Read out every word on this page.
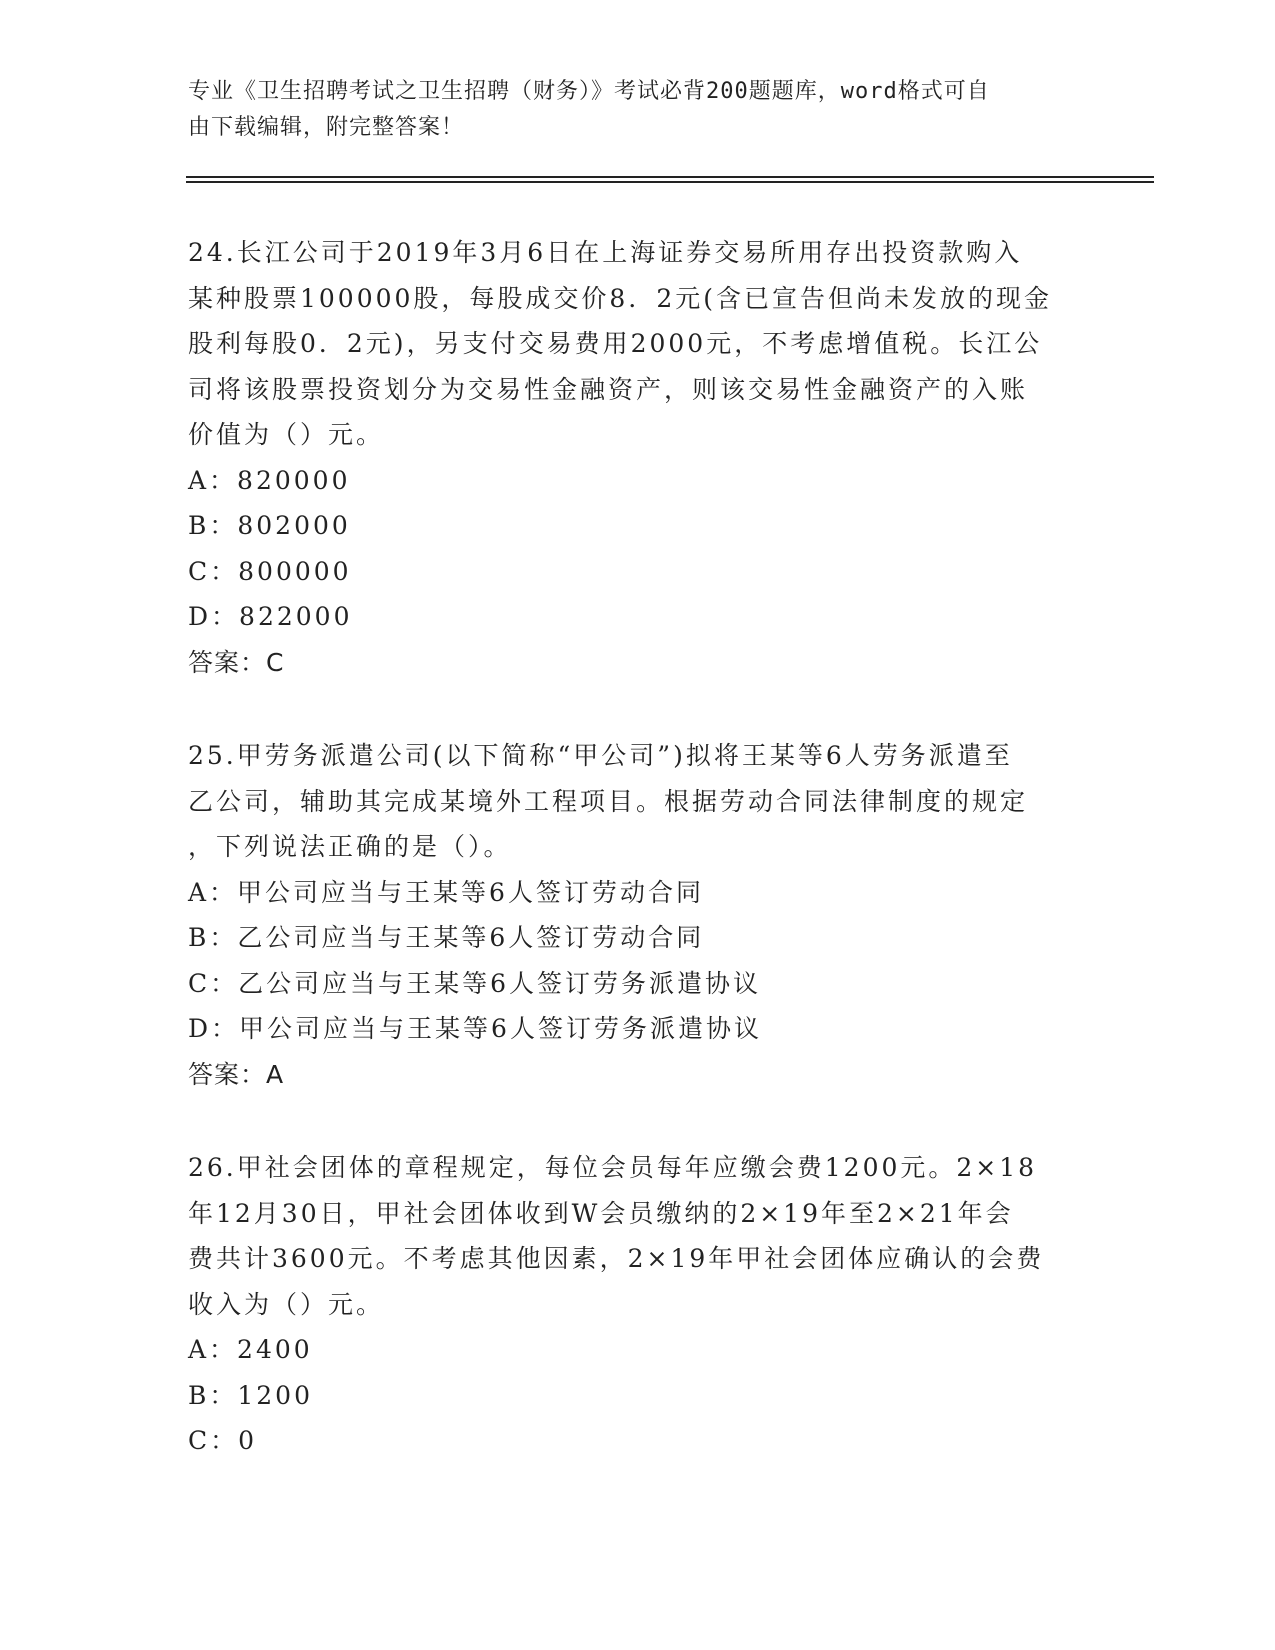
专业《卫生招聘考试之卫生招聘（财务）》考试必背200题题库，word格式可自
由下载编辑，附完整答案！

24.长江公司于2019年3月6日在上海证券交易所用存出投资款购入

某种股票100000股，每股成交价8．2元(含已宣告但尚未发放的现金

股利每股0．2元)，另支付交易费用2000元，不考虑增值税。长江公

司将该股票投资划分为交易性金融资产，则该交易性金融资产的入账

价值为（）元。

A：820000

B：802000

C：800000

D：822000

答案：C

25.甲劳务派遣公司(以下简称“甲公司”)拟将王某等6人劳务派遣至

乙公司，辅助其完成某境外工程项目。根据劳动合同法律制度的规定

，下列说法正确的是（）。

A：甲公司应当与王某等6人签订劳动合同

B：乙公司应当与王某等6人签订劳动合同

C：乙公司应当与王某等6人签订劳务派遣协议

D：甲公司应当与王某等6人签订劳务派遣协议

答案：A

26.甲社会团体的章程规定，每位会员每年应缴会费1200元。2×18

年12月30日，甲社会团体收到W会员缴纳的2×19年至2×21年会

费共计3600元。不考虑其他因素，2×19年甲社会团体应确认的会费

收入为（）元。

A：2400

B：1200

C：0
